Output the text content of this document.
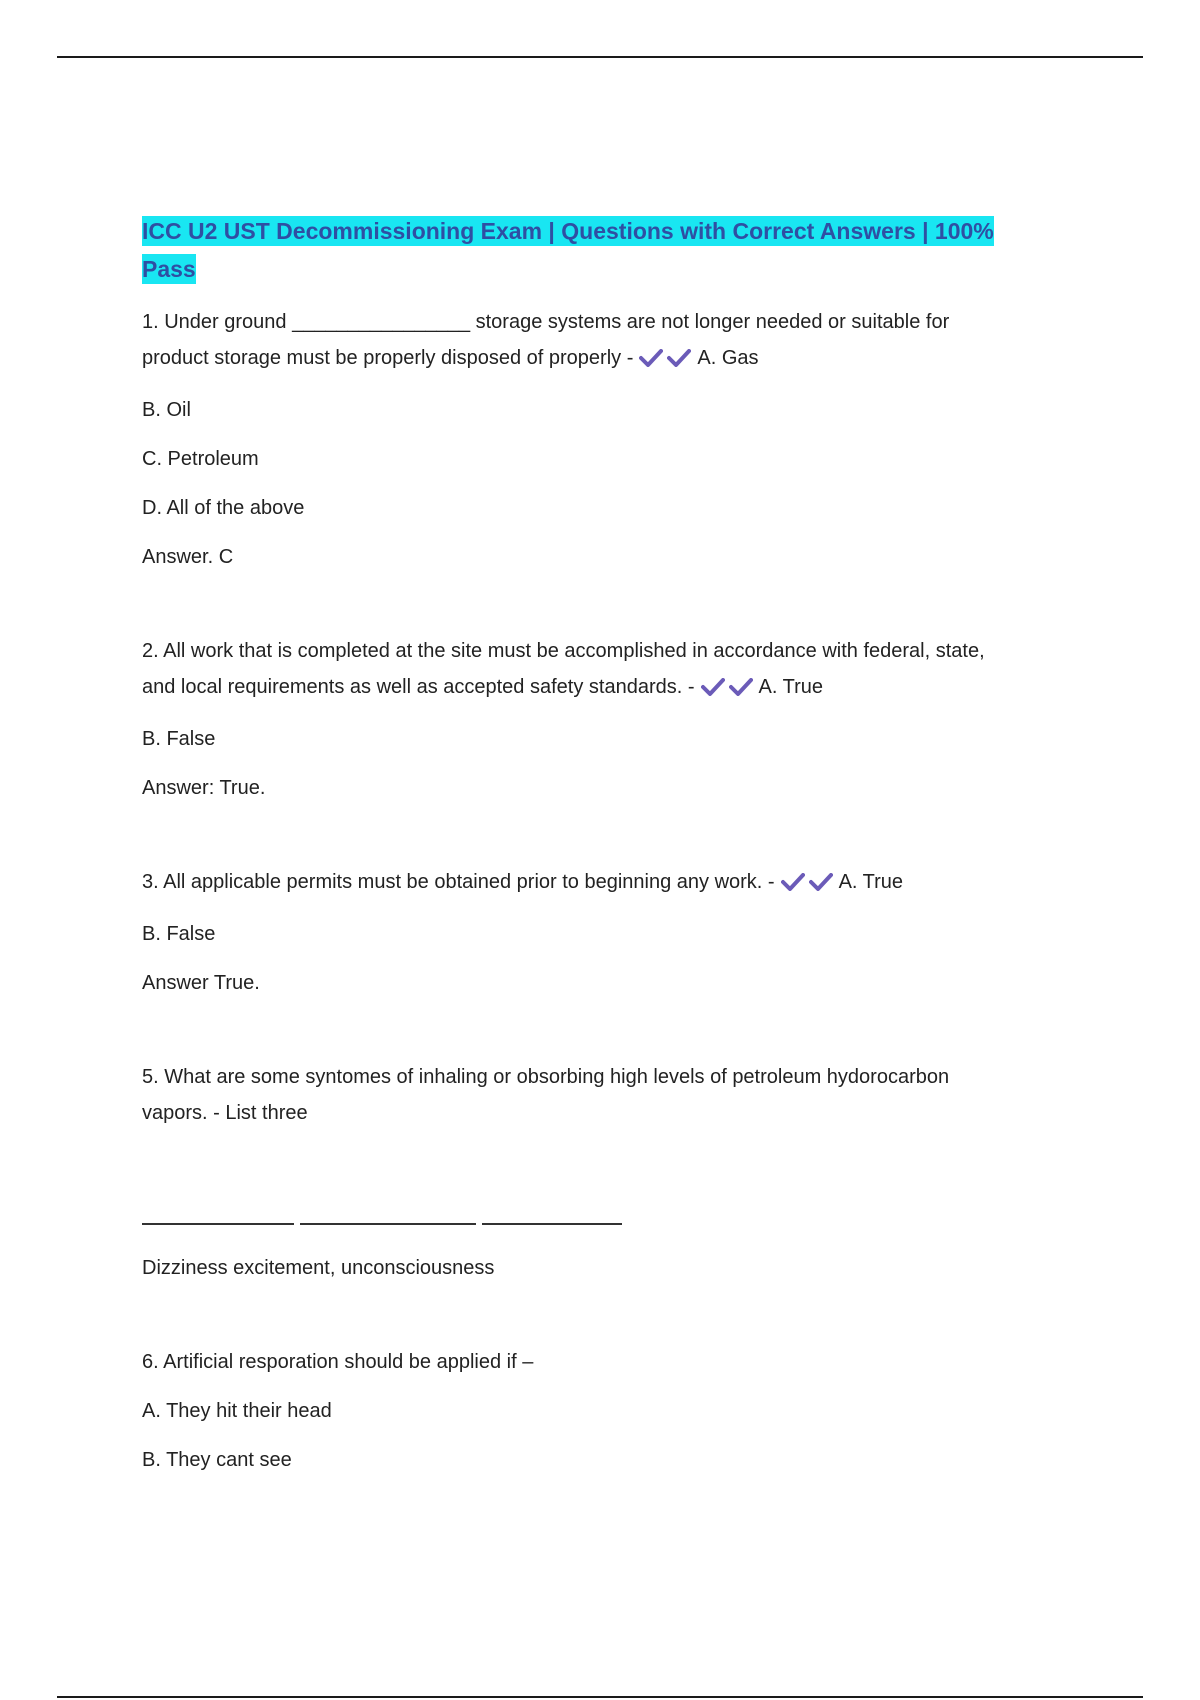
ICC U2 UST Decommissioning Exam | Questions with Correct Answers | 100%
Pass

1. Under ground ________________ storage systems are not longer needed or suitable for

product storage must be properly disposed of properly -	A. Gas

B. Oil

C. Petroleum

D. All of the above

Answer. C

2. All work that is completed at the site must be accomplished in accordance with federal, state,

and local requirements as well as accepted safety standards. -	A. True

B. False

Answer: True.

3. All applicable permits must be obtained prior to beginning any work. -	A. True

B. False

Answer True.

5. What are some syntomes of inhaling or obsorbing high levels of petroleum hydorocarbon

vapors. - List three

Dizziness excitement, unconsciousness

6. Artificial resporation should be applied if –

A. They hit their head

B. They cant see
